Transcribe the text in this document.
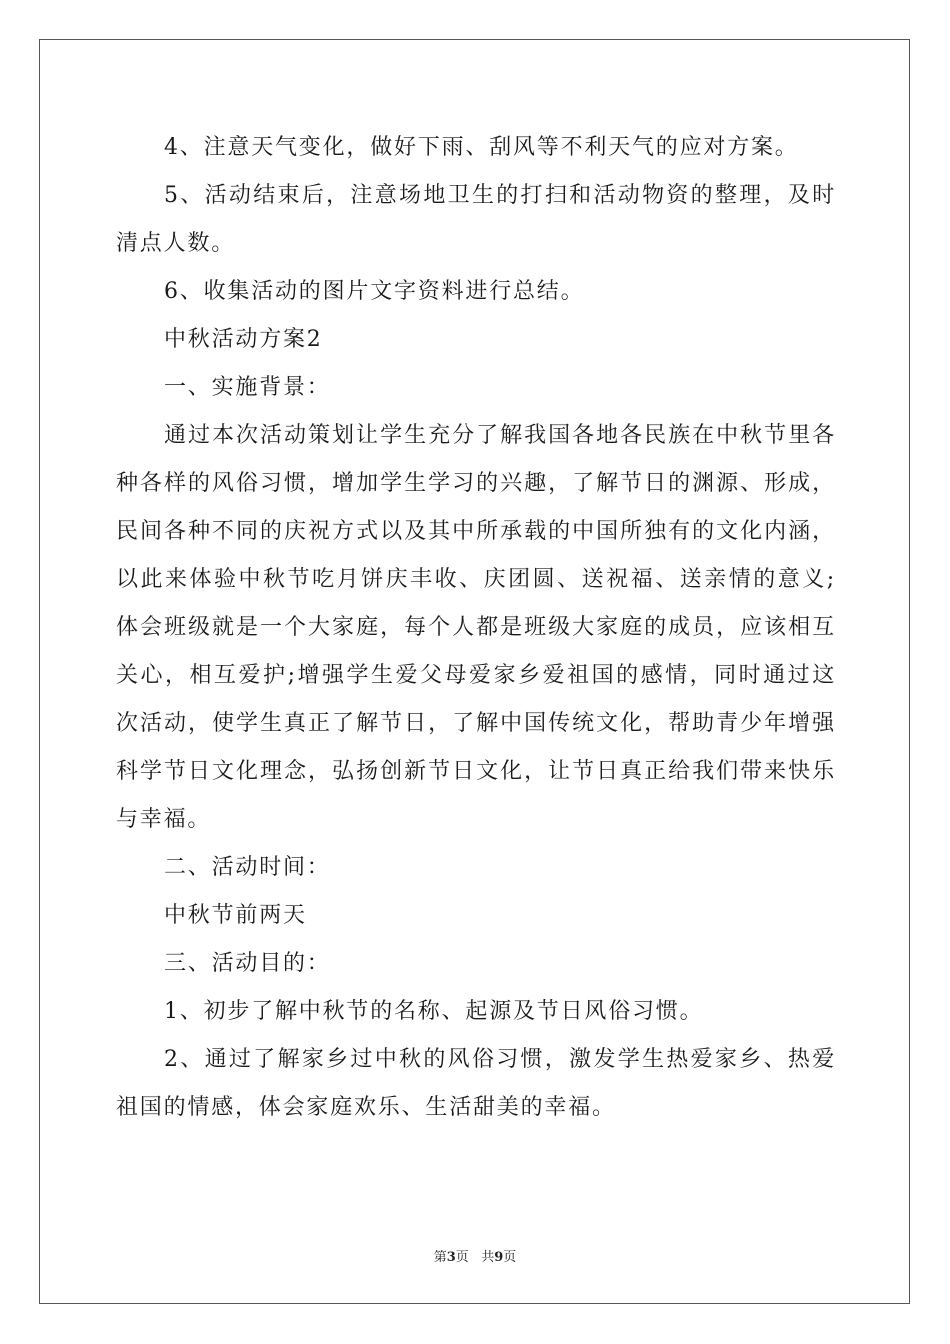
4、注意天气变化，做好下雨、刮风等不利天气的应对方案。

5、活动结束后，注意场地卫生的打扫和活动物资的整理，及时清点人数。

6、收集活动的图片文字资料进行总结。

中秋活动方案2

一、实施背景：

通过本次活动策划让学生充分了解我国各地各民族在中秋节里各种各样的风俗习惯，增加学生学习的兴趣，了解节日的渊源、形成，民间各种不同的庆祝方式以及其中所承载的中国所独有的文化内涵，以此来体验中秋节吃月饼庆丰收、庆团圆、送祝福、送亲情的意义;体会班级就是一个大家庭，每个人都是班级大家庭的成员，应该相互关心，相互爱护;增强学生爱父母爱家乡爱祖国的感情，同时通过这次活动，使学生真正了解节日，了解中国传统文化，帮助青少年增强科学节日文化理念，弘扬创新节日文化，让节日真正给我们带来快乐与幸福。

二、活动时间：

中秋节前两天

三、活动目的：

1、初步了解中秋节的名称、起源及节日风俗习惯。

2、通过了解家乡过中秋的风俗习惯，激发学生热爱家乡、热爱祖国的情感，体会家庭欢乐、生活甜美的幸福。

第3页 共9页
